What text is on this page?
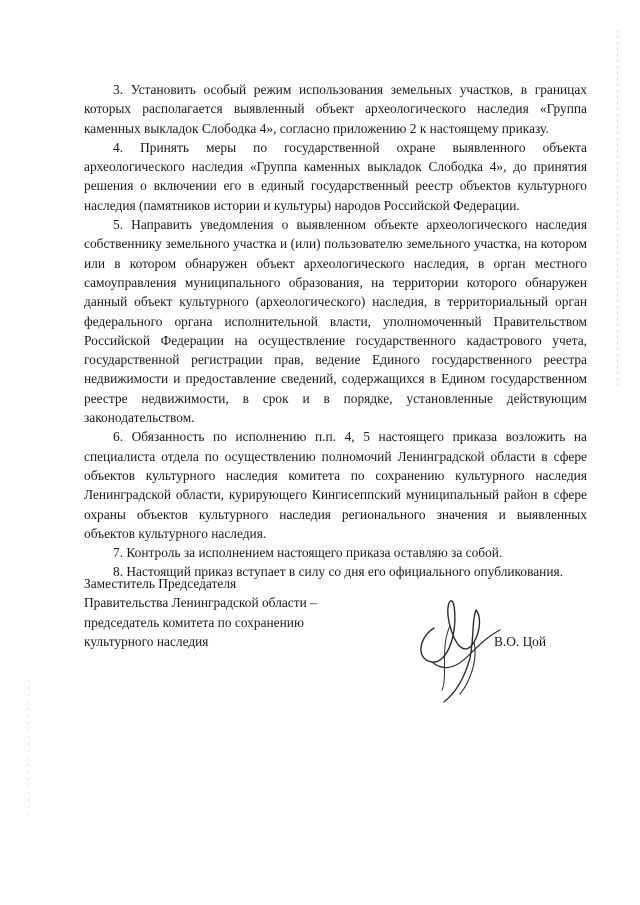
3. Установить особый режим использования земельных участков, в границах которых располагается выявленный объект археологического наследия «Группа каменных выкладок Слободка 4», согласно приложению 2 к настоящему приказу.

4. Принять меры по государственной охране выявленного объекта археологического наследия «Группа каменных выкладок Слободка 4», до принятия решения о включении его в единый государственный реестр объектов культурного наследия (памятников истории и культуры) народов Российской Федерации.

5. Направить уведомления о выявленном объекте археологического наследия собственнику земельного участка и (или) пользователю земельного участка, на котором или в котором обнаружен объект археологического наследия, в орган местного самоуправления муниципального образования, на территории которого обнаружен данный объект культурного (археологического) наследия, в территориальный орган федерального органа исполнительной власти, уполномоченный Правительством Российской Федерации на осуществление государственного кадастрового учета, государственной регистрации прав, ведение Единого государственного реестра недвижимости и предоставление сведений, содержащихся в Едином государственном реестре недвижимости, в срок и в порядке, установленные действующим законодательством.

6. Обязанность по исполнению п.п. 4, 5 настоящего приказа возложить на специалиста отдела по осуществлению полномочий Ленинградской области в сфере объектов культурного наследия комитета по сохранению культурного наследия Ленинградской области, курирующего Кингисеппский муниципальный район в сфере охраны объектов культурного наследия регионального значения и выявленных объектов культурного наследия.

7. Контроль за исполнением настоящего приказа оставляю за собой.

8. Настоящий приказ вступает в силу со дня его официального опубликования.

Заместитель Председателя
Правительства Ленинградской области –
председатель комитета по сохранению
культурного наследия	В.О. Цой
